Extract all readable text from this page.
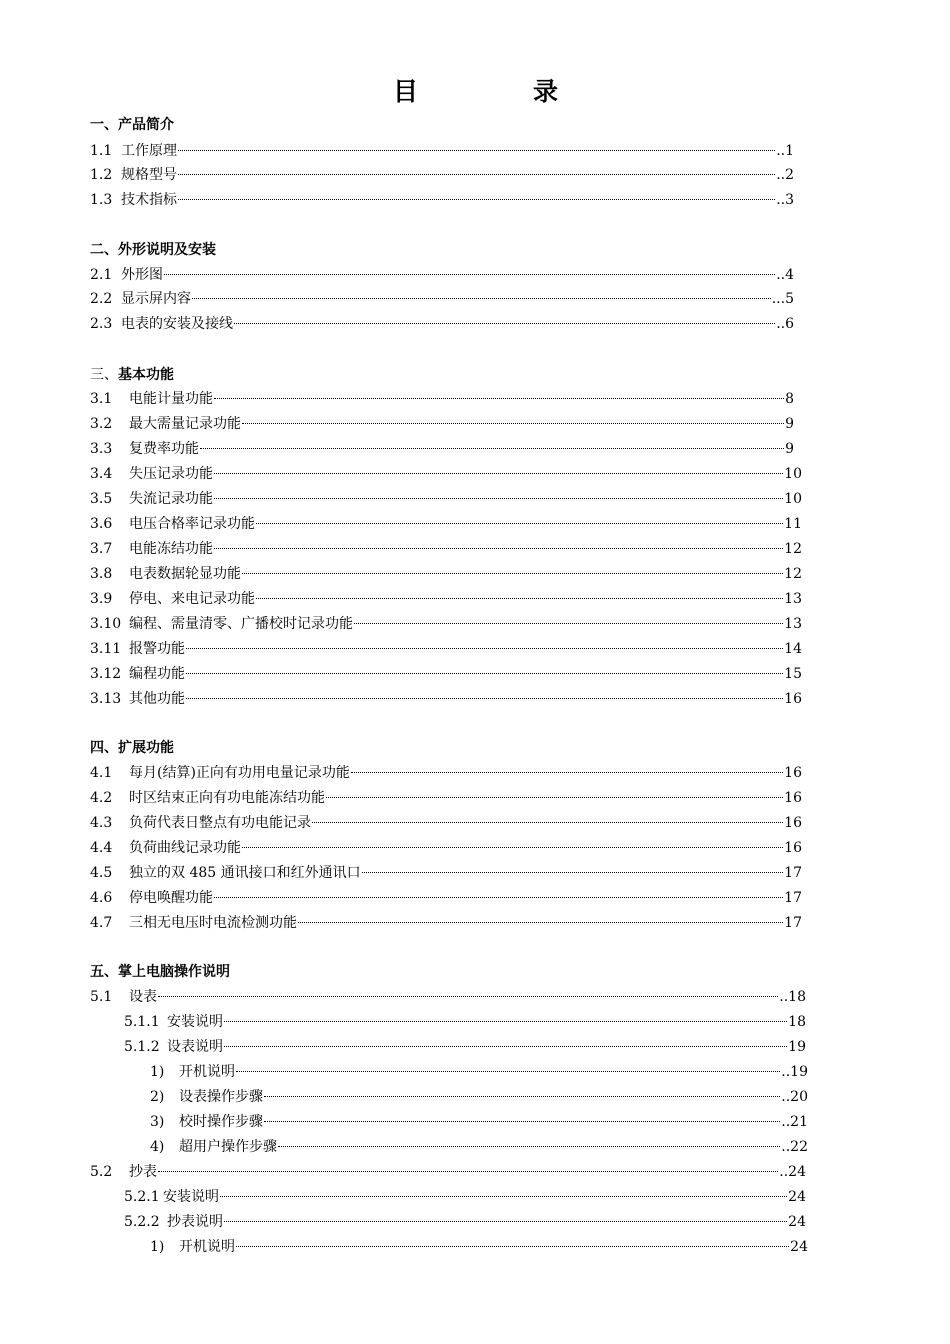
目	录
一、产品简介
1.1 工作原理	..1
1.2 规格型号	..2
1.3 技术指标	..3
二、外形说明及安装
2.1 外形图	..4
2.2 显示屏内容	...5
2.3 电表的安装及接线	..6
三、基本功能
3.1	电能计量功能	8
3.2	最大需量记录功能	9
3.3	复费率功能	9
3.4	失压记录功能	10
3.5	失流记录功能	10
3.6	电压合格率记录功能	11
3.7	电能冻结功能	12
3.8	电表数据轮显功能	12
3.9	停电、来电记录功能	13
3.10 编程、需量清零、广播校时记录功能	13
3.11 报警功能	14
3.12 编程功能	15
3.13 其他功能	16
四、扩展功能
4.1	每月(结算)正向有功用电量记录功能	16
4.2	时区结束正向有功电能冻结功能	16
4.3	负荷代表日整点有功电能记录	16
4.4	负荷曲线记录功能	16
4.5	独立的双 485 通讯接口和红外通讯口	17
4.6	停电唤醒功能	17
4.7	三相无电压时电流检测功能	17
五、掌上电脑操作说明
5.1	设表	..18
5.1.1 安装说明	18
5.1.2 设表说明	19
1)	开机说明	..19
2)	设表操作步骤	..20
3)	校时操作步骤	..21
4)	超用户操作步骤	..22
5.2	抄表	..24
5.2.1 安装说明	24
5.2.2 抄表说明	24
1)	开机说明	24
